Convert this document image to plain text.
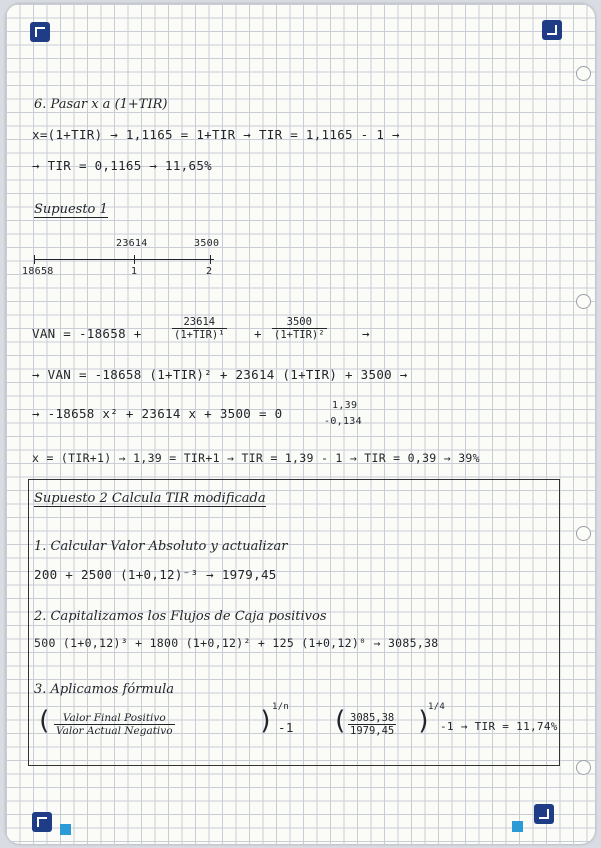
6. Pasar x a (1+TIR)
x=(1+TIR) → 1,1165 = 1+TIR → TIR = 1,1165 - 1 →
→ TIR = 0,1165 → 11,65%
Supuesto 1
18658
23614	3500
1	2
VAN = -18658 +
23614
(1+TIR)¹ +
3500
(1+TIR)²	→
→ VAN = -18658 (1+TIR)² + 23614 (1+TIR) + 3500 →
→ -18658 x² + 23614 x + 3500 = 0
1,39
-0,134
x = (TIR+1) → 1,39 = TIR+1 → TIR = 1,39 - 1 → TIR = 0,39 → 39%
Supuesto 2 Calcula TIR modificada
1. Calcular Valor Absoluto y actualizar
200 + 2500 (1+0,12)⁻³ → 1979,45
2. Capitalizamos los Flujos de Caja positivos
500 (1+0,12)³ + 1800 (1+0,12)² + 125 (1+0,12)⁰ → 3085,38
3. Aplicamos fórmula
(	Valor Final Positivo
Valor Actual Negativo	)
1/n
-1 ( $\frac{3085,38}{1979,45}$ )
1/4
-1 → TIR = 11,74%
